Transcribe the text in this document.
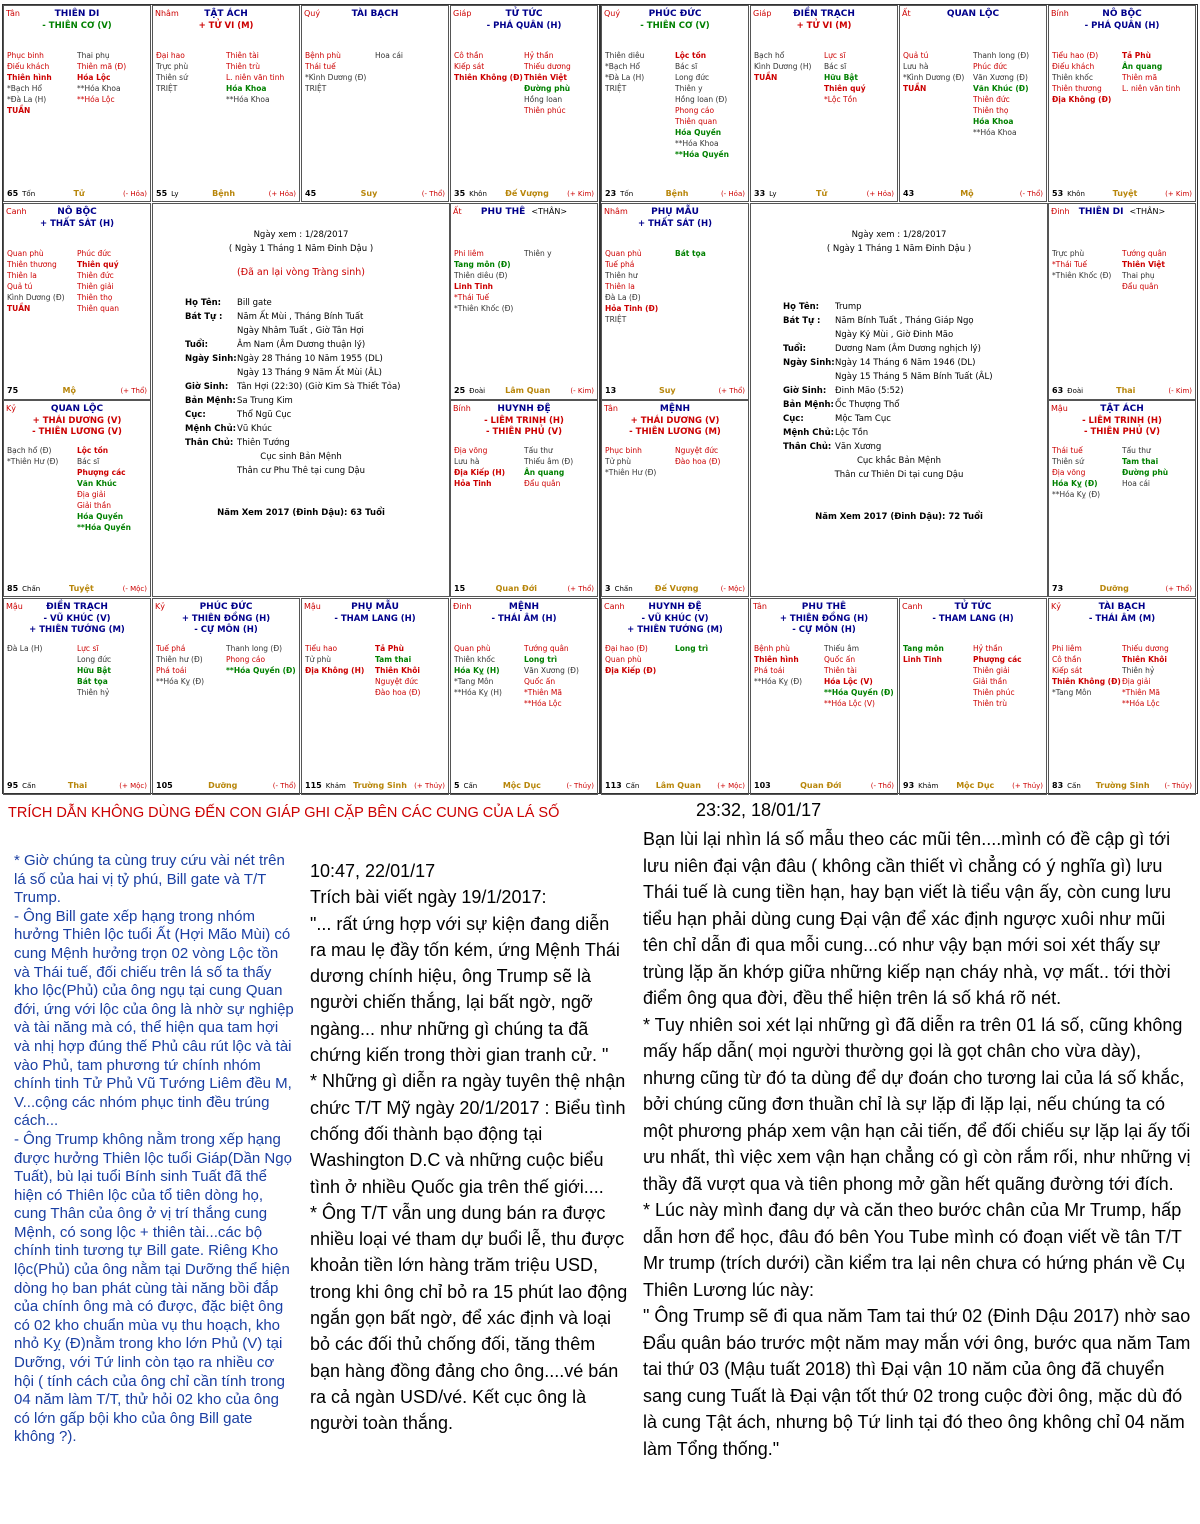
Tân	THIÊN DI
- THIÊN CƠ (V)
Phục binh
Điếu khách
Thiên hình
*Bạch Hổ
*Đà La (H)
TUẦN
Thai phụ
Thiên mã (Đ)
Hóa Lộc
**Hóa Khoa
**Hóa Lộc
65 Tốn	Tử	(- Hỏa)
Nhâm	TẬT ÁCH
+ TỬ VI (M)
Đại hao
Trực phù
Thiên sứ
TRIỆT
Thiên tài
Thiên trù
L. niên văn tinh
Hóa Khoa
**Hóa Khoa
55 Ly	Bệnh	(+ Hỏa)
Quý	TÀI BẠCH
Bệnh phù
Thái tuế
*Kình Dương (Đ)
TRIỆT
Hoa cái
45	Suy	(- Thổ)
Giáp	TỬ TỨC
- PHÁ QUÂN (H)
Cô thần
Kiếp sát
Thiên Không (Đ)
Hỷ thần
Thiếu dương
Thiên Việt
Đường phù
Hồng loan
Thiên phúc
35 Khôn	Đế Vượng	(+ Kim)
Canh	NÔ BỘC
+ THẤT SÁT (H)
Quan phù
Thiên thương
Thiên la
Quả tú
Kình Dương (Đ)
TUẦN
Phúc đức
Thiên quý
Thiên đức
Thiên giải
Thiên thọ
Thiên quan
75	Mộ	(+ Thổ)
Ất	PHU THÊ <THÂN>
Phi liêm
Tang môn (Đ)
Thiên diêu (Đ)
Linh Tinh
*Thái Tuế
*Thiên Khốc (Đ)
Thiên y
25 Đoài	Lâm Quan	(- Kim)
Kỷ	QUAN LỘC
+ THÁI DƯƠNG (V)
- THIÊN LƯƠNG (V)
Bạch hổ (Đ)
*Thiên Hư (Đ)
Lộc tồn
Bác sĩ
Phượng các
Văn Khúc
Địa giải
Giải thần
Hóa Quyền
**Hóa Quyền
85 Chấn	Tuyệt	(- Mộc)
Bính	HUYNH ĐỆ
- LIÊM TRINH (H)
- THIÊN PHỦ (V)
Địa võng
Lưu hà
Địa Kiếp (H)
Hỏa Tinh
Tấu thư
Thiếu âm (Đ)
Ân quang
Đẩu quân
15	Quan Đới	(+ Thổ)
Mậu	ĐIỀN TRẠCH
- VŨ KHÚC (V)
+ THIÊN TƯỚNG (M)
Đà La (H)	Lực sĩ
Long đức
Hữu Bật
Bát tọa
Thiên hỷ
95 Cấn	Thai	(+ Mộc)
Kỷ	PHÚC ĐỨC
+ THIÊN ĐỒNG (H)
- CỰ MÔN (H)
Tuế phá
Thiên hư (Đ)
Phá toái
**Hóa Kỵ (Đ)
Thanh long (Đ)
Phong cáo
**Hóa Quyền (Đ)
105	Dưỡng	(- Thổ)
Mậu	PHỤ MẪU
- THAM LANG (H)
Tiểu hao
Tử phù
Địa Không (H)
Tả Phù
Tam thai
Thiên Khôi
Nguyệt đức
Đào hoa (Đ)
115 Khảm Trường Sinh	(+ Thủy)
Đinh	MỆNH
- THÁI ÂM (H)
Quan phù
Thiên khốc
Hóa Kỵ (H)
*Tang Môn
**Hóa Kỵ (H)
Tướng quân
Long trì
Văn Xương (Đ)
Quốc ấn
*Thiên Mã
**Hóa Lộc
5 Cấn	Mộc Dục	(- Thủy)
Ngày xem : 1/28/2017
( Ngày 1 Tháng 1 Năm Đinh Dậu )
(Đã an lại vòng Tràng sinh)
Họ Tên:	Bill gate
Bát Tự :	Năm Ất Mùi , Tháng Bính Tuất
Ngày Nhâm Tuất , Giờ Tân Hợi
Tuổi:	Âm Nam (Âm Dương thuận lý)
Ngày Sinh: Ngày 28 Tháng 10 Năm 1955 (DL)
Ngày 13 Tháng 9 Năm Ất Mùi (ÂL)
Giờ Sinh:	Tân Hợi (22:30) (Giờ Kim Sà Thiết Tỏa)
Bản Mệnh: Sa Trung Kim
Cục:	Thổ Ngũ Cục
Mệnh Chủ: Vũ Khúc
Thân Chủ: Thiên Tướng
Cục sinh Bản Mệnh
Thân cư Phu Thê tại cung Dậu
Năm Xem 2017 (Đinh Dậu): 63 Tuổi
Quý	PHÚC ĐỨC
- THIÊN CƠ (V)
Thiên diêu
*Bạch Hổ
*Đà La (H)
TRIỆT
Lộc tồn
Bác sĩ
Long đức
Thiên y
Hồng loan (Đ)
Phong cáo
Thiên quan
Hóa Quyền
**Hóa Khoa
**Hóa Quyền
23 Tốn	Bệnh	(- Hỏa)
Giáp	ĐIỀN TRẠCH
+ TỬ VI (M)
Bạch hổ
Kình Dương (H)
TUẦN
Lực sĩ
Bác sĩ
Hữu Bật
Thiên quý
*Lộc Tồn
33 Ly	Tử	(+ Hỏa)
Ất	QUAN LỘC
Quả tú
Lưu hà
*Kình Dương (Đ)
TUẦN
Thanh long (Đ)
Phúc đức
Văn Xương (Đ)
Văn Khúc (Đ)
Thiên đức
Thiên thọ
Hóa Khoa
**Hóa Khoa
43	Mộ	(- Thổ)
Bính	NÔ BỘC
- PHÁ QUÂN (H)
Tiểu hao (Đ)
Điếu khách
Thiên khốc
Thiên thương
Địa Không (Đ)
Tả Phù
Ân quang
Thiên mã
L. niên văn tinh
53 Khôn	Tuyệt	(+ Kim)
Nhâm	PHỤ MẪU
+ THẤT SÁT (H)
Quan phủ
Tuế phá
Thiên hư
Thiên la
Đà La (Đ)
Hỏa Tinh (Đ)
TRIỆT
Bát tọa
13	Suy	(+ Thổ)
Đinh	THIÊN DI <THÂN>
Trực phù
*Thái Tuế
*Thiên Khốc (Đ)
Tướng quân
Thiên Việt
Thai phụ
Đẩu quân
63 Đoài	Thai	(- Kim)
Tân	MỆNH
+ THÁI DƯƠNG (V)
- THIÊN LƯƠNG (M)
Phục binh
Tử phù
*Thiên Hư (Đ)
Nguyệt đức
Đào hoa (Đ)
3 Chấn	Đế Vượng	(- Mộc)
Mậu	TẬT ÁCH
- LIÊM TRINH (H)
- THIÊN PHỦ (V)
Thái tuế
Thiên sứ
Địa võng
Hóa Kỵ (Đ)
**Hóa Kỵ (Đ)
Tấu thư
Tam thai
Đường phù
Hoa cái
73	Dưỡng	(+ Thổ)
Canh	HUYNH ĐỆ
- VŨ KHÚC (V)
+ THIÊN TƯỚNG (M)
Đại hao (Đ)
Quan phù
Địa Kiếp (Đ)
Long trì
113 Cấn	Lâm Quan	(+ Mộc)
Tân	PHU THÊ
+ THIÊN ĐỒNG (H)
- CỰ MÔN (H)
Bệnh phù
Thiên hình
Phá toái
**Hóa Kỵ (Đ)
Thiếu âm
Quốc ấn
Thiên tài
Hóa Lộc (V)
**Hóa Quyền (Đ)
**Hóa Lộc (V)
103	Quan Đới	(- Thổ)
Canh	TỬ TỨC
- THAM LANG (H)
Tang môn
Linh Tinh
Hỷ thần
Phượng các
Thiên giải
Giải thần
Thiên phúc
Thiên trù
93 Khảm	Mộc Dục	(+ Thủy)
Kỷ	TÀI BẠCH
- THÁI ÂM (M)
Phi liêm
Cô thần
Kiếp sát
Thiên Không (Đ)
*Tang Môn
Thiếu dương
Thiên Khôi
Thiên hỷ
Địa giải
*Thiên Mã
**Hóa Lộc
83 Cấn	Trường Sinh	(- Thủy)
Ngày xem : 1/28/2017
( Ngày 1 Tháng 1 Năm Đinh Dậu )
Họ Tên:	Trump
Bát Tự :	Năm Bính Tuất , Tháng Giáp Ngọ
Ngày Kỷ Mùi , Giờ Đinh Mão
Tuổi:	Dương Nam (Âm Dương nghịch lý)
Ngày Sinh: Ngày 14 Tháng 6 Năm 1946 (DL)
Ngày 15 Tháng 5 Năm Bính Tuất (ÂL)
Giờ Sinh:	Đinh Mão (5:52)
Bản Mệnh: Ốc Thượng Thổ
Cục:	Mộc Tam Cục
Mệnh Chủ: Lộc Tồn
Thân Chủ: Văn Xương
Cục khắc Bản Mệnh
Thân cư Thiên Di tại cung Dậu
Năm Xem 2017 (Đinh Dậu): 72 Tuổi
TRÍCH DẪN KHÔNG DÙNG ĐẾN CON GIÁP GHI CẶP BÊN CÁC CUNG CỦA LÁ SỐ

* Giờ chúng ta cùng truy cứu vài nét trên lá số của hai vị tỷ phú, Bill gate và T/T Trump.

- Ông Bill gate xếp hạng trong nhóm hưởng Thiên lộc tuổi Ất (Hợi Mão Mùi) có cung Mệnh hưởng trọn 02 vòng Lộc tồn và Thái tuế, đối chiếu trên lá số ta thấy kho lộc(Phủ) của ông ngụ tại cung Quan đới, ứng với lộc của ông là nhờ sự nghiệp và tài năng mà có, thể hiện qua tam hợi và nhị hợp đúng thế Phủ câu rút lộc và tài vào Phủ, tam phương tứ chính nhóm chính tinh Tử Phủ Vũ Tướng Liêm đều M, V...cộng các nhóm phục tinh đều trúng cách...

- Ông Trump không nằm trong xếp hạng được hưởng Thiên lộc tuổi Giáp(Dần Ngọ Tuất), bù lại tuổi Bính sinh Tuất đã thể hiện có Thiên lộc của tổ tiên dòng họ, cung Thân của ông ở vị trí thắng cung Mệnh, có song lộc + thiên tài...các bộ chính tinh tương tự Bill gate. Riêng Kho lộc(Phủ) của ông nằm tại Dưỡng thể hiện dòng họ ban phát cùng tài năng bồi đắp của chính ông mà có được, đặc biệt ông có 02 kho chuẩn mùa vụ thu hoạch, kho nhỏ Kỵ (Đ)nằm trong kho lớn Phủ (V) tại Dưỡng, với Tứ linh còn tạo ra nhiều cơ hội ( tính cách của ông chỉ cần tính trong 04 năm làm T/T, thử hỏi 02 kho của ông có lớn gấp bội kho của ông Bill gate không ?).

10:47, 22/01/17

Trích bài viết ngày 19/1/2017:

"... rất ứng hợp với sự kiện đang diễn ra mau lẹ đầy tốn kém, ứng Mệnh Thái dương chính hiệu, ông Trump sẽ là người chiến thắng, lại bất ngờ, ngỡ ngàng... như những gì chúng ta đã chứng kiến trong thời gian tranh cử. "

* Những gì diễn ra ngày tuyên thệ nhận chức T/T Mỹ ngày 20/1/2017 : Biểu tình chống đối thành bạo động tại Washington D.C và những cuộc biểu tình ở nhiều Quốc gia trên thế giới....

* Ông T/T vẫn ung dung bán ra được nhiều loại vé tham dự buổi lễ, thu được khoản tiền lớn hàng trăm triệu USD, trong khi ông chỉ bỏ ra 15 phút lao động ngắn gọn bất ngờ, để xác định và loại bỏ các đối thủ chống đối, tăng thêm bạn hàng đồng đảng cho ông....vé bán ra cả ngàn USD/vé. Kết cục ông là người toàn thắng.

23:32, 18/01/17

Bạn lùi lại nhìn lá số mẫu theo các mũi tên....mình có đề cập gì tới lưu niên đại vận đâu ( không cần thiết vì chẳng có ý nghĩa gì) lưu Thái tuế là cung tiền hạn, hay bạn viết là tiểu vận ấy, còn cung lưu tiểu hạn phải dùng cung Đại vận để xác định ngược xuôi như mũi tên chỉ dẫn đi qua mỗi cung...có như vậy bạn mới soi xét thấy sự trùng lặp ăn khớp giữa những kiếp nạn cháy nhà, vợ mất.. tới thời điểm ông qua đời, đều thể hiện trên lá số khá rõ nét.

* Tuy nhiên soi xét lại những gì đã diễn ra trên 01 lá số, cũng không mấy hấp dẫn( mọi người thường gọi là gọt chân cho vừa dày), nhưng cũng từ đó ta dùng để dự đoán cho tương lai của lá số khắc, bởi chúng cũng đơn thuần chỉ là sự lặp đi lặp lại, nếu chúng ta có một phương pháp xem vận hạn cải tiến, để đối chiếu sự lặp lại ấy tối ưu nhất, thì việc xem vận hạn chẳng có gì còn rắm rối, như những vị thầy đã vượt qua và tiên phong mở gần hết quãng đường tới đích.

* Lúc này mình đang dự và căn theo bước chân của Mr Trump, hấp dẫn hơn để học, đâu đó bên You Tube mình có đoạn viết về tân T/T Mr trump (trích dưới) cần kiểm tra lại nên chưa có hứng phán về Cụ Thiên Lương lúc này:

" Ông Trump sẽ đi qua năm Tam tai thứ 02 (Đinh Dậu 2017) nhờ sao Đẩu quân báo trước một năm may mắn với ông, bước qua năm Tam tai thứ 03 (Mậu tuất 2018) thì Đại vận 10 năm của ông đã chuyển sang cung Tuất là Đại vận tốt thứ 02 trong cuộc đời ông, mặc dù đó là cung Tật ách, nhưng bộ Tứ linh tại đó theo ông không chỉ 04 năm làm Tổng thống."
